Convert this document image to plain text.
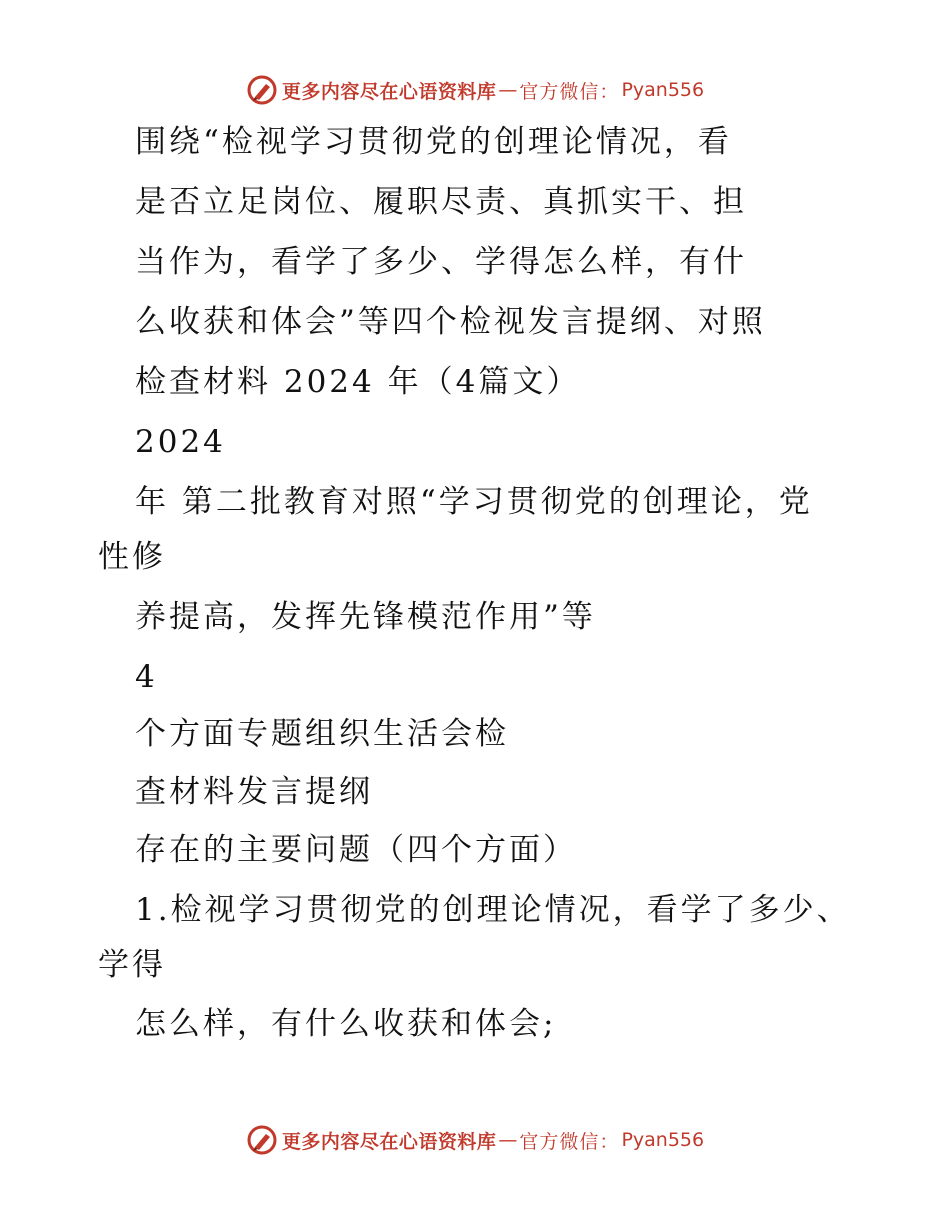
更多内容尽在心语资料库 — 官方微信： Pyan556
围绕“检视学习贯彻党的创理论情况，看
是否立足岗位、履职尽责、真抓实干、担
当作为，看学了多少、学得怎么样，有什
么收获和体会”等四个检视发言提纲、对照
检查材料 2024 年（4篇文）
2024
年 第二批教育对照“学习贯彻党的创理论，党
性修
养提高，发挥先锋模范作用”等
4
个方面专题组织生活会检
查材料发言提纲
存在的主要问题（四个方面）
1.检视学习贯彻党的创理论情况，看学了多少、
学得
怎么样，有什么收获和体会;
更多内容尽在心语资料库 — 官方微信： Pyan556
